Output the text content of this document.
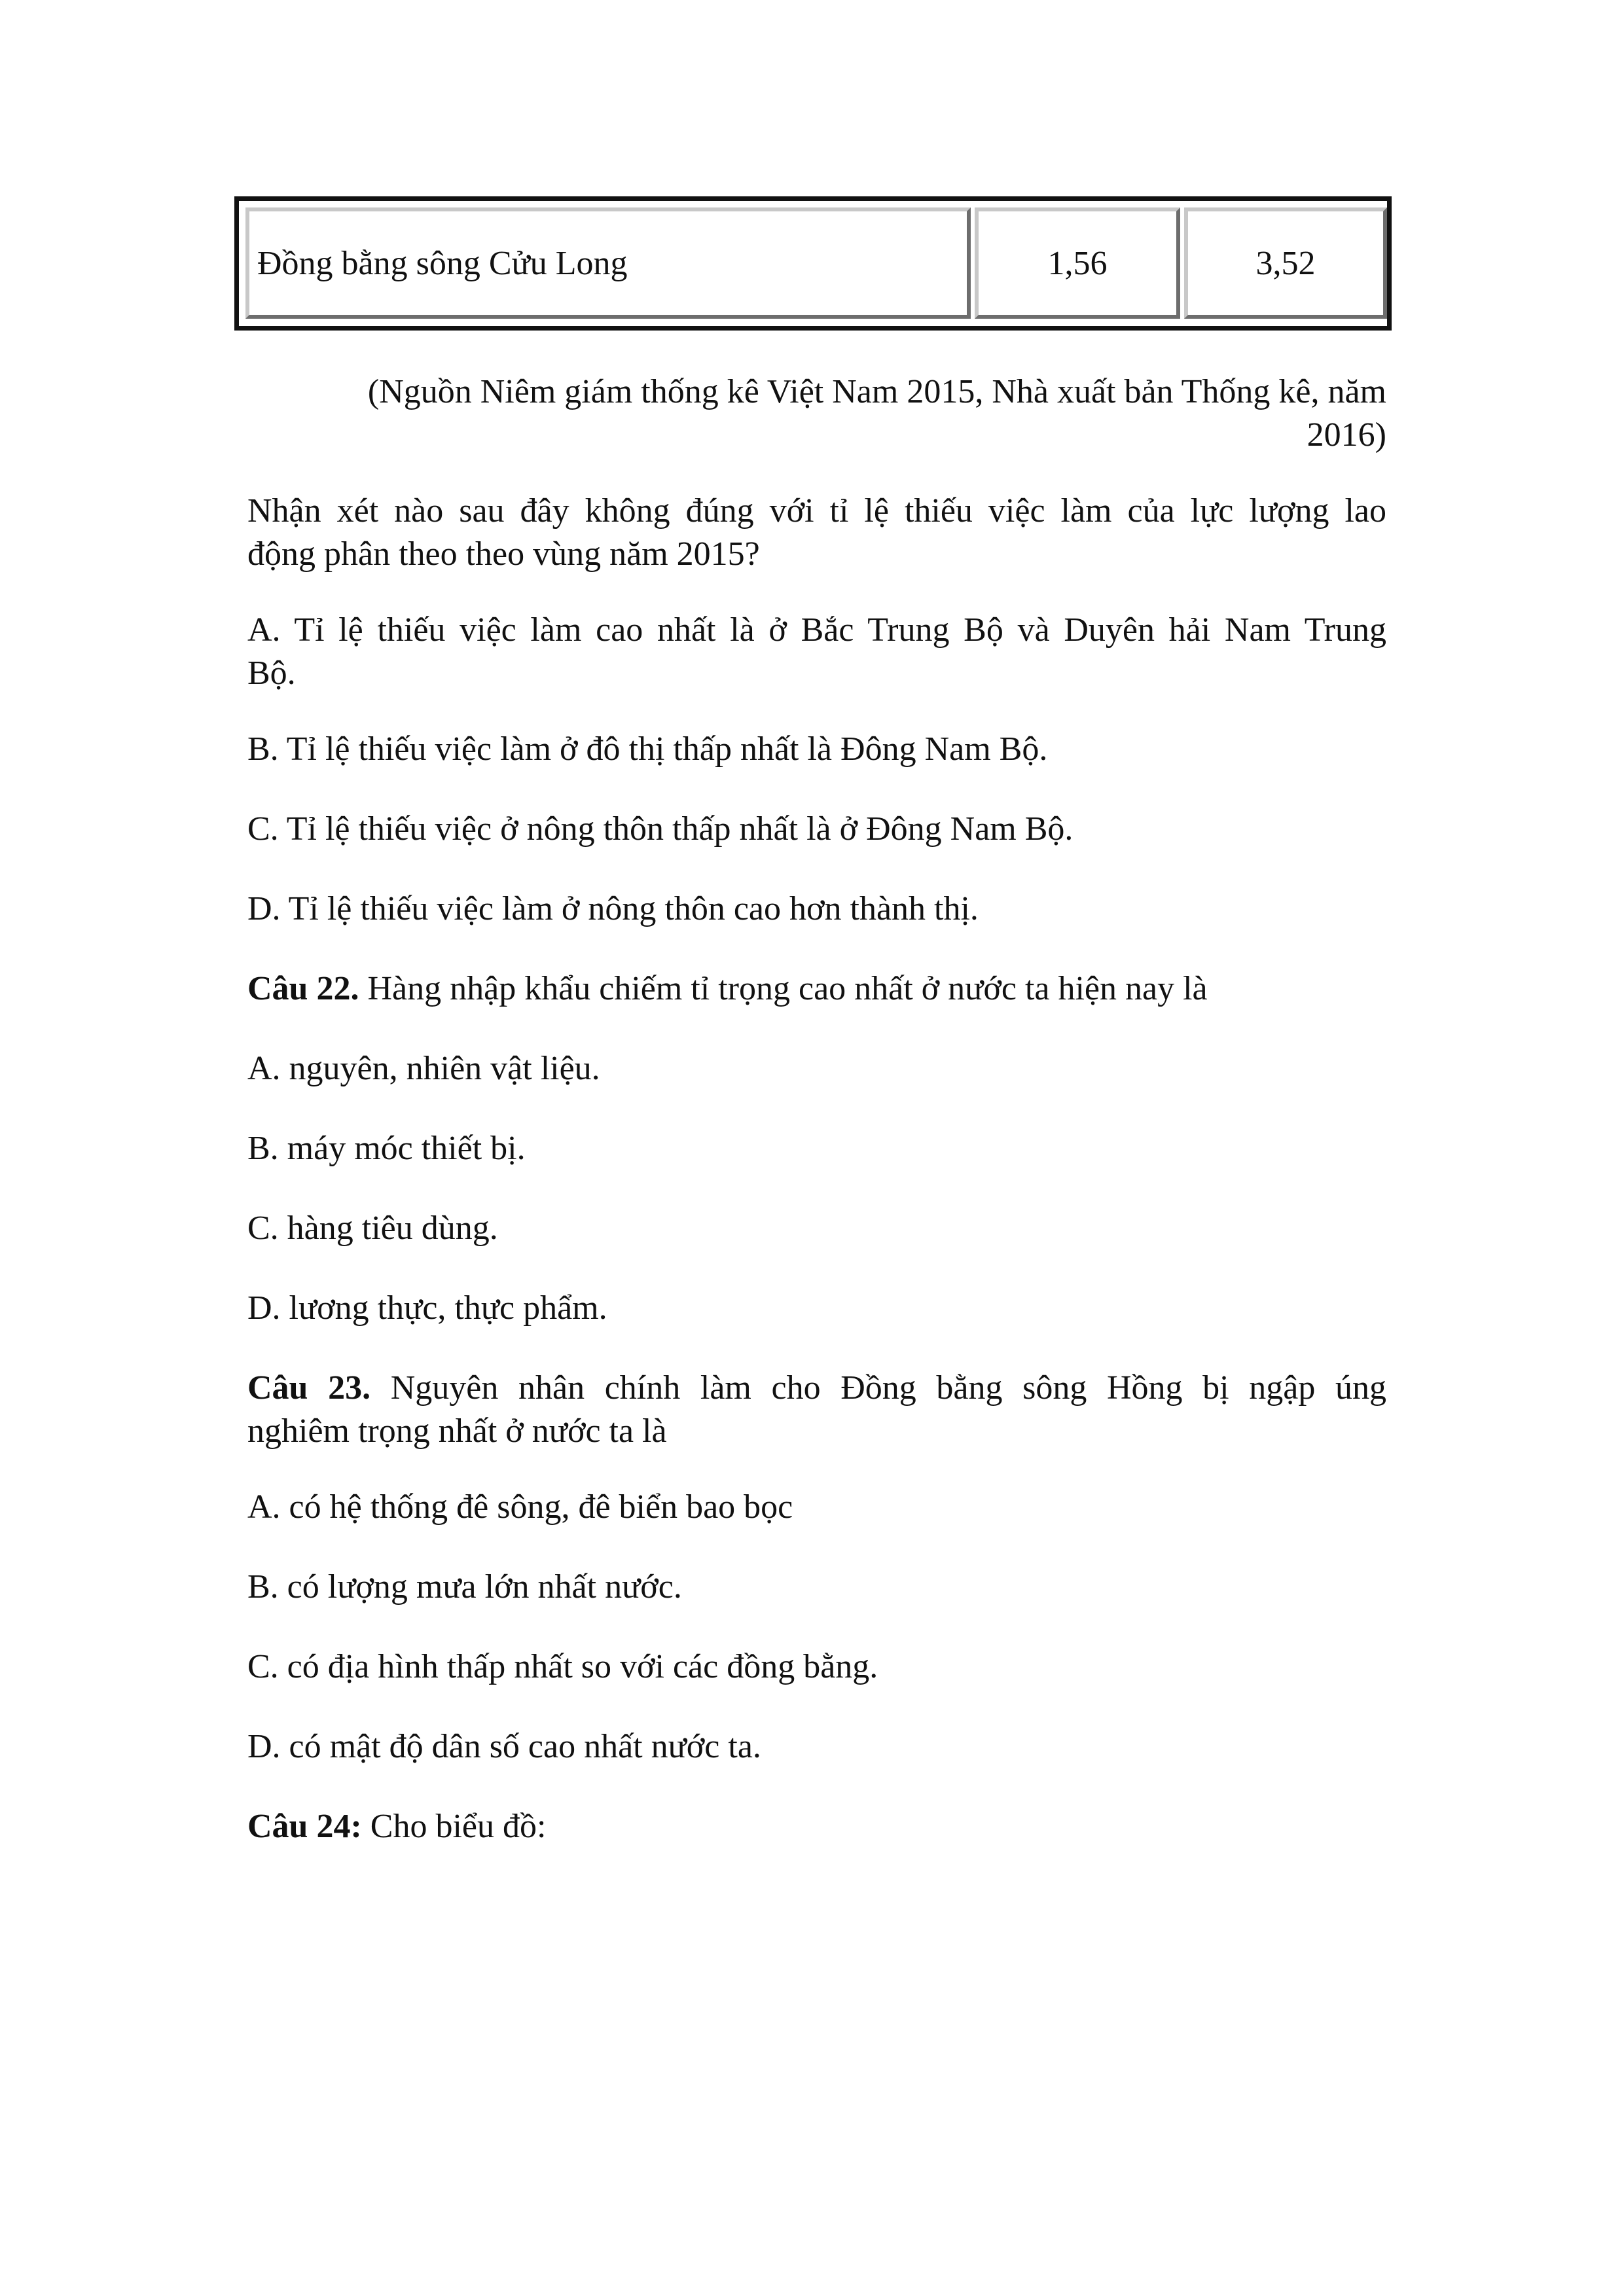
Đồng bằng sông Cửu Long	1,56	3,52
(Nguồn Niêm giám thống kê Việt Nam 2015, Nhà xuất bản Thống kê, năm
2016)
Nhận xét nào sau đây không đúng với tỉ lệ thiếu việc làm của lực lượng lao
động phân theo theo vùng năm 2015?
A. Tỉ lệ thiếu việc làm cao nhất là ở Bắc Trung Bộ và Duyên hải Nam Trung
Bộ.
B. Tỉ lệ thiếu việc làm ở đô thị thấp nhất là Đông Nam Bộ.
C. Tỉ lệ thiếu việc ở nông thôn thấp nhất là ở Đông Nam Bộ.
D. Tỉ lệ thiếu việc làm ở nông thôn cao hơn thành thị.
Câu 22. Hàng nhập khẩu chiếm tỉ trọng cao nhất ở nước ta hiện nay là
A. nguyên, nhiên vật liệu.
B. máy móc thiết bị.
C. hàng tiêu dùng.
D. lương thực, thực phẩm.
Câu 23. Nguyên nhân chính làm cho Đồng bằng sông Hồng bị ngập úng
nghiêm trọng nhất ở nước ta là
A. có hệ thống đê sông, đê biển bao bọc
B. có lượng mưa lớn nhất nước.
C. có địa hình thấp nhất so với các đồng bằng.
D. có mật độ dân số cao nhất nước ta.
Câu 24: Cho biểu đồ:
